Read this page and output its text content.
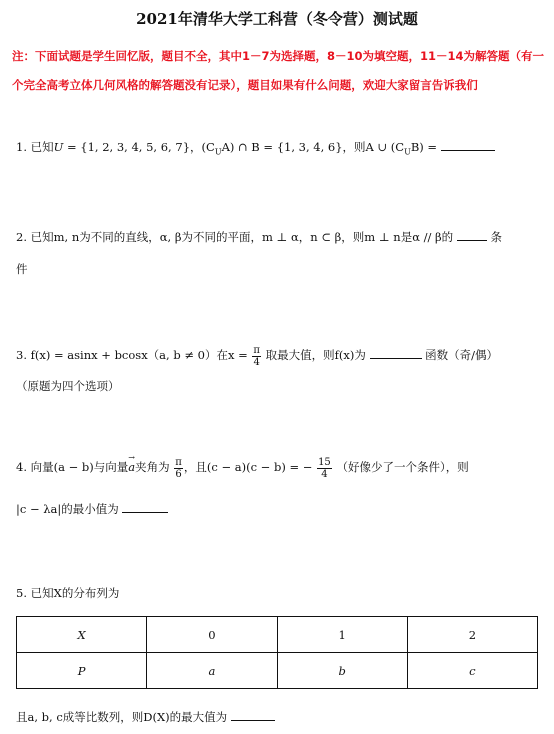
2021年清华大学工科营（冬令营）测试题
注：下面试题是学生回忆版，题目不全，其中1－7为选择题，8－10为填空题，11－14为解答题（有一个完全高考立体几何风格的解答题没有记录），题目如果有什么问题，欢迎大家留言告诉我们
1. 已知U = {1, 2, 3, 4, 5, 6, 7}，$(C_UA)$ ∩ B = {1, 3, 4, 6}，则A ∪ $(C_UB)$ =
2. 已知m, n为不同的直线，α, β为不同的平面，m ⊥ α，n ⊂ β，则m ⊥ n是α // β的	条
件
3. f(x) = asinx + bcosx（a, b ≠ 0）在$x = \frac{\pi}{4}$ 取最大值，则f(x)为	函数（奇/偶）
（原题为四个选项）
4. 向量(a − b)与向量→ a夹角为 $\frac{\pi}{6}$ ，且(c − a)(c − b) = − $\frac{15}{4}$ （好像少了一个条件），则
|c − λa|的最小值为
5. 已知X的分布列为
X	0	1	2
P	a	b	c
且a, b, c成等比数列，则D(X)的最大值为
